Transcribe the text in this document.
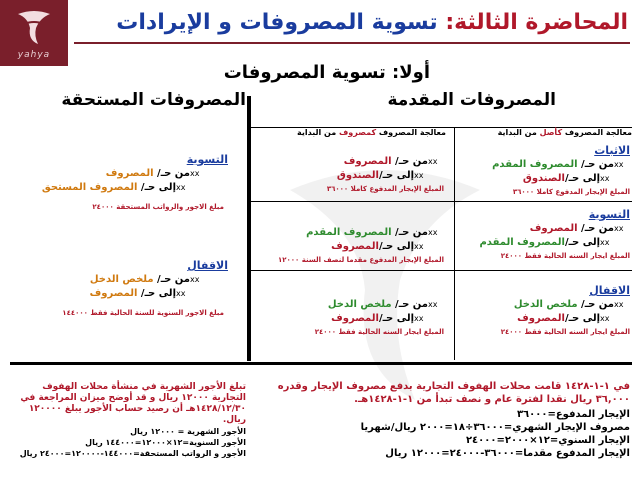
yahya
المحاضرة الثالثة: تسوية المصروفات و الإيرادات
أولا: تسوية المصروفات
المصروفات المقدمة
المصروفات المستحقة
معالجة المصروف كأصل من البداية
معالجة المصروف كمصروف من البداية
الاثبات
xxمن حـ/ المصروف المقدم
xxإلى حـ/الصندوق
المبلغ الإيجار المدفوع كاملا ٣٦٠٠٠
التسوية
xxمن حـ/ المصروف
xxإلى حـ/المصروف المقدم
المبلغ ايجار السنه الحالية فقط ٢٤٠٠٠
الاقفال
xxمن حـ/ ملخص الدخل
xxإلى حـ/المصروف
المبلغ ايجار السنه الحالية فقط ٢٤٠٠٠
xxمن حـ/ المصروف
xxإلى حـ/الصندوق
المبلغ الإيجار المدفوع كاملا ٣٦٠٠٠
xxمن حـ/ المصروف المقدم
xxإلى حـ/المصروف
المبلغ الإيجار المدفوع مقدما لنصف السنة ١٢٠٠٠
xxمن حـ/ ملخص الدخل
xxإلى حـ/المصروف
المبلغ ايجار السنه الحالية فقط ٢٤٠٠٠
التسوية
xxمن حـ/ المصروف
xxإلى حـ/ المصروف المستحق
مبلغ الاجور والرواتب المستحقة ٢٤٠٠٠
الاقفال
xxمن حـ/ ملخص الدخل
xxإلى حـ/ المصروف
مبلغ الاجور السنوية للسنة الحالية فقط ١٤٤٠٠٠
في ١-١-١٤٢٨ قامت محلات الهفوف التجارية بدفع مصروف الإيجار وقدره ٣٦,٠٠٠ ريال نقدا لفترة عام و نصف تبدأ من ١-١-١٤٢٨هـ.
الإيجار المدفوع=٣٦٠٠٠
مصروف الإيجار الشهري=٣٦٠٠٠÷١٨=٢٠٠٠ ريال/شهريا
الإيجار السنوي=١٢×٢٠٠٠=٢٤٠٠٠
الإيجار المدفوع مقدما=٣٦٠٠٠-٢٤٠٠٠=١٢٠٠٠ ريال
تبلغ الأجور الشهرية في منشأة محلات الهفوف التجارية ١٢٠٠٠ ريال و قد أوضح ميزان المراجعة في ١٤٢٨/١٢/٣٠هـ أن رصيد حساب الأجور يبلغ ١٢٠٠٠٠ ريال.
الأجور الشهرية = ١٢٠٠٠ ريال
الأجور السنوية=١٢×١٢٠٠٠=١٤٤٠٠٠ ريال
الأجور و الرواتب المستحقة=١٤٤٠٠٠-١٢٠٠٠٠=٢٤٠٠٠ ريال
